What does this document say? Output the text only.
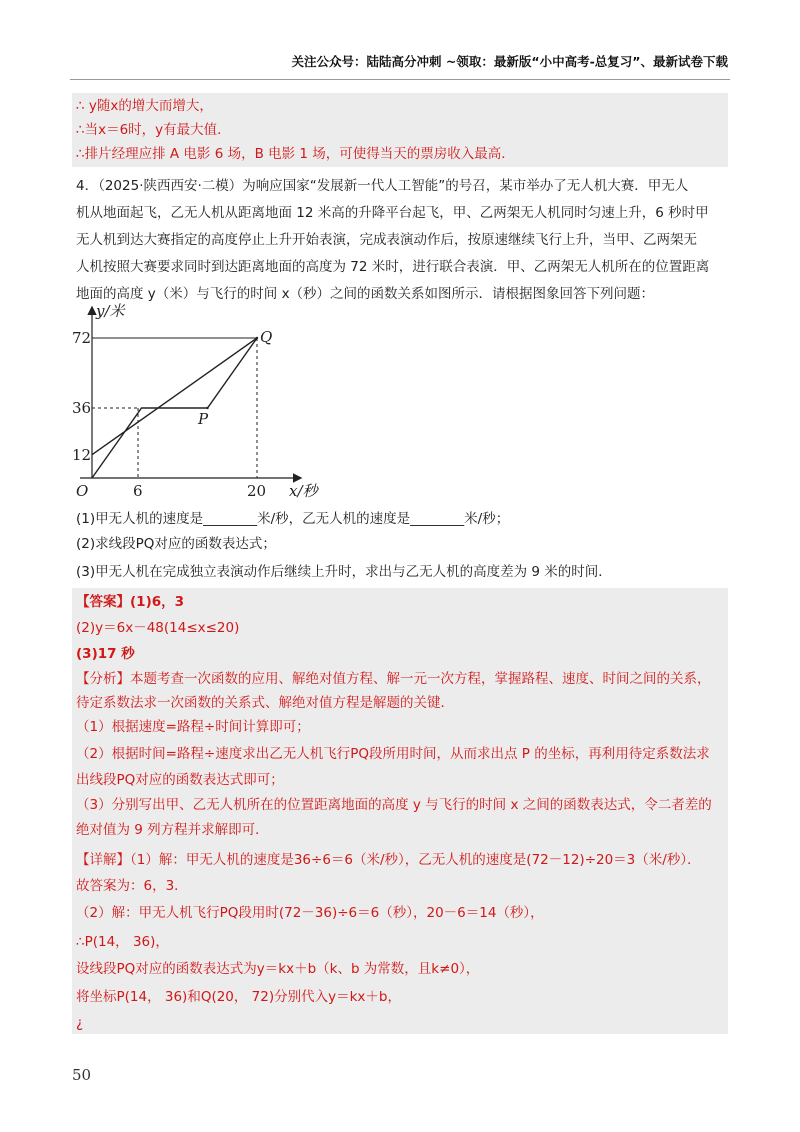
关注公众号：陆陆高分冲刺 ~领取：最新版“小中高考-总复习”、最新试卷下载
∴ y随x的增大而增大，
∴当x＝6时，y有最大值．
∴排片经理应排 A 电影 6 场，B 电影 1 场，可使得当天的票房收入最高．
4．（2025·陕西西安·二模）为响应国家“发展新一代人工智能”的号召，某市举办了无人机大赛．甲无人
机从地面起飞，乙无人机从距离地面 12 米高的升降平台起飞，甲、乙两架无人机同时匀速上升，6 秒时甲
无人机到达大赛指定的高度停止上升开始表演，完成表演动作后，按原速继续飞行上升，当甲、乙两架无
人机按照大赛要求同时到达距离地面的高度为 72 米时，进行联合表演．甲、乙两架无人机所在的位置距离
地面的高度 y（米）与飞行的时间 x（秒）之间的函数关系如图所示．请根据图象回答下列问题：
y/米
72
36
12
O	6	20 x/秒
Q
P
(1)甲无人机的速度是________米/秒，乙无人机的速度是________米/秒；
(2)求线段PQ对应的函数表达式；
(3)甲无人机在完成独立表演动作后继续上升时，求出与乙无人机的高度差为 9 米的时间．
【答案】(1)6，3
(2)y＝6x－48(14≤x≤20)
(3)17 秒
【分析】本题考查一次函数的应用、解绝对值方程、解一元一次方程，掌握路程、速度、时间之间的关系，
待定系数法求一次函数的关系式、解绝对值方程是解题的关键．
（1）根据速度=路程÷时间计算即可；
（2）根据时间=路程÷速度求出乙无人机飞行PQ段所用时间，从而求出点 P 的坐标，再利用待定系数法求
出线段PQ对应的函数表达式即可；
（3）分别写出甲、乙无人机所在的位置距离地面的高度 y 与飞行的时间 x 之间的函数表达式，令二者差的
绝对值为 9 列方程并求解即可．
【详解】（1）解：甲无人机的速度是36÷6＝6（米/秒），乙无人机的速度是(72－12)÷20＝3（米/秒）．
故答案为：6，3．
（2）解：甲无人机飞行PQ段用时(72－36)÷6＝6（秒），20－6＝14（秒），
∴P(14， 36)，
设线段PQ对应的函数表达式为y＝kx＋b（k、b 为常数，且k≠0），
将坐标P(14， 36)和Q(20， 72)分别代入y＝kx＋b，
¿
50
